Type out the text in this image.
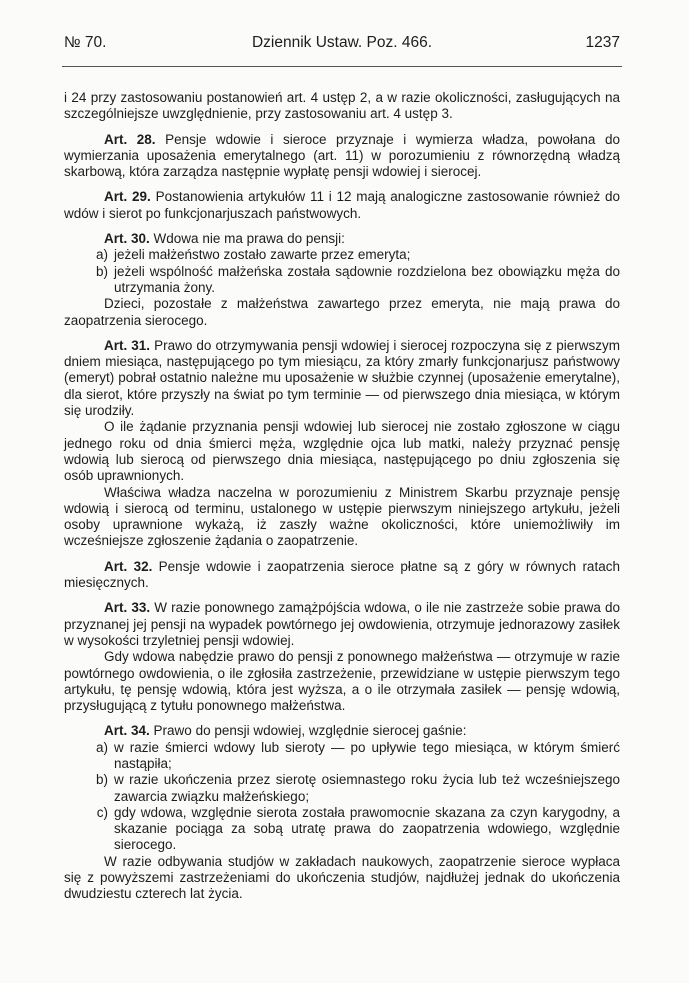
№ 70.	Dziennik Ustaw. Poz. 466.	1237

i 24 przy zastosowaniu postanowień art. 4 ustęp 2, a w razie okoliczności, zasługujących na szczególniejsze uwzględnienie, przy zastosowaniu art. 4 ustęp 3.

Art. 28. Pensje wdowie i sieroce przyznaje i wymierza władza, powołana do wymierzania uposażenia emerytalnego (art. 11) w porozumieniu z równorzędną władzą skarbową, która zarządza następnie wypłatę pensji wdowiej i sierocej.

Art. 29. Postanowienia artykułów 11 i 12 mają analogiczne zastosowanie również do wdów i sierot po funkcjonarjuszach państwowych.

Art. 30. Wdowa nie ma prawa do pensji:

a) jeżeli małżeństwo zostało zawarte przez emeryta;
b) jeżeli wspólność małżeńska została sądownie rozdzielona bez obowiązku męża do utrzymania żony.

Dzieci, pozostałe z małżeństwa zawartego przez emeryta, nie mają prawa do zaopatrzenia sierocego.

Art. 31. Prawo do otrzymywania pensji wdowiej i sierocej rozpoczyna się z pierwszym dniem miesiąca, następującego po tym miesiącu, za który zmarły funkcjonarjusz państwowy (emeryt) pobrał ostatnio należne mu uposażenie w służbie czynnej (uposażenie emerytalne), dla sierot, które przyszły na świat po tym terminie — od pierwszego dnia miesiąca, w którym się urodziły.

O ile żądanie przyznania pensji wdowiej lub sierocej nie zostało zgłoszone w ciągu jednego roku od dnia śmierci męża, względnie ojca lub matki, należy przyznać pensję wdowią lub sierocą od pierwszego dnia miesiąca, następującego po dniu zgłoszenia się osób uprawnionych.

Właściwa władza naczelna w porozumieniu z Ministrem Skarbu przyznaje pensję wdowią i sierocą od terminu, ustalonego w ustępie pierwszym niniejszego artykułu, jeżeli osoby uprawnione wykażą, iż zaszły ważne okoliczności, które uniemożliwiły im wcześniejsze zgłoszenie żądania o zaopatrzenie.

Art. 32. Pensje wdowie i zaopatrzenia sieroce płatne są z góry w równych ratach miesięcznych.

Art. 33. W razie ponownego zamążpójścia wdowa, o ile nie zastrzeże sobie prawa do przyznanej jej pensji na wypadek powtórnego jej owdowienia, otrzymuje jednorazowy zasiłek w wysokości trzyletniej pensji wdowiej.

Gdy wdowa nabędzie prawo do pensji z ponownego małżeństwa — otrzymuje w razie powtórnego owdowienia, o ile zgłosiła zastrzeżenie, przewidziane w ustępie pierwszym tego artykułu, tę pensję wdowią, która jest wyższa, a o ile otrzymała zasiłek — pensję wdowią, przysługującą z tytułu ponownego małżeństwa.

Art. 34. Prawo do pensji wdowiej, względnie sierocej gaśnie:

a) w razie śmierci wdowy lub sieroty — po upływie tego miesiąca, w którym śmierć nastąpiła;
b) w razie ukończenia przez sierotę osiemnastego roku życia lub też wcześniejszego zawarcia związku małżeńskiego;
c) gdy wdowa, względnie sierota została prawomocnie skazana za czyn karygodny, a skazanie pociąga za sobą utratę prawa do zaopatrzenia wdowiego, względnie sierocego.

W razie odbywania studjów w zakładach naukowych, zaopatrzenie sieroce wypłaca się z powyższemi zastrzeżeniami do ukończenia studjów, najdłużej jednak do ukończenia dwudziestu czterech lat życia.
